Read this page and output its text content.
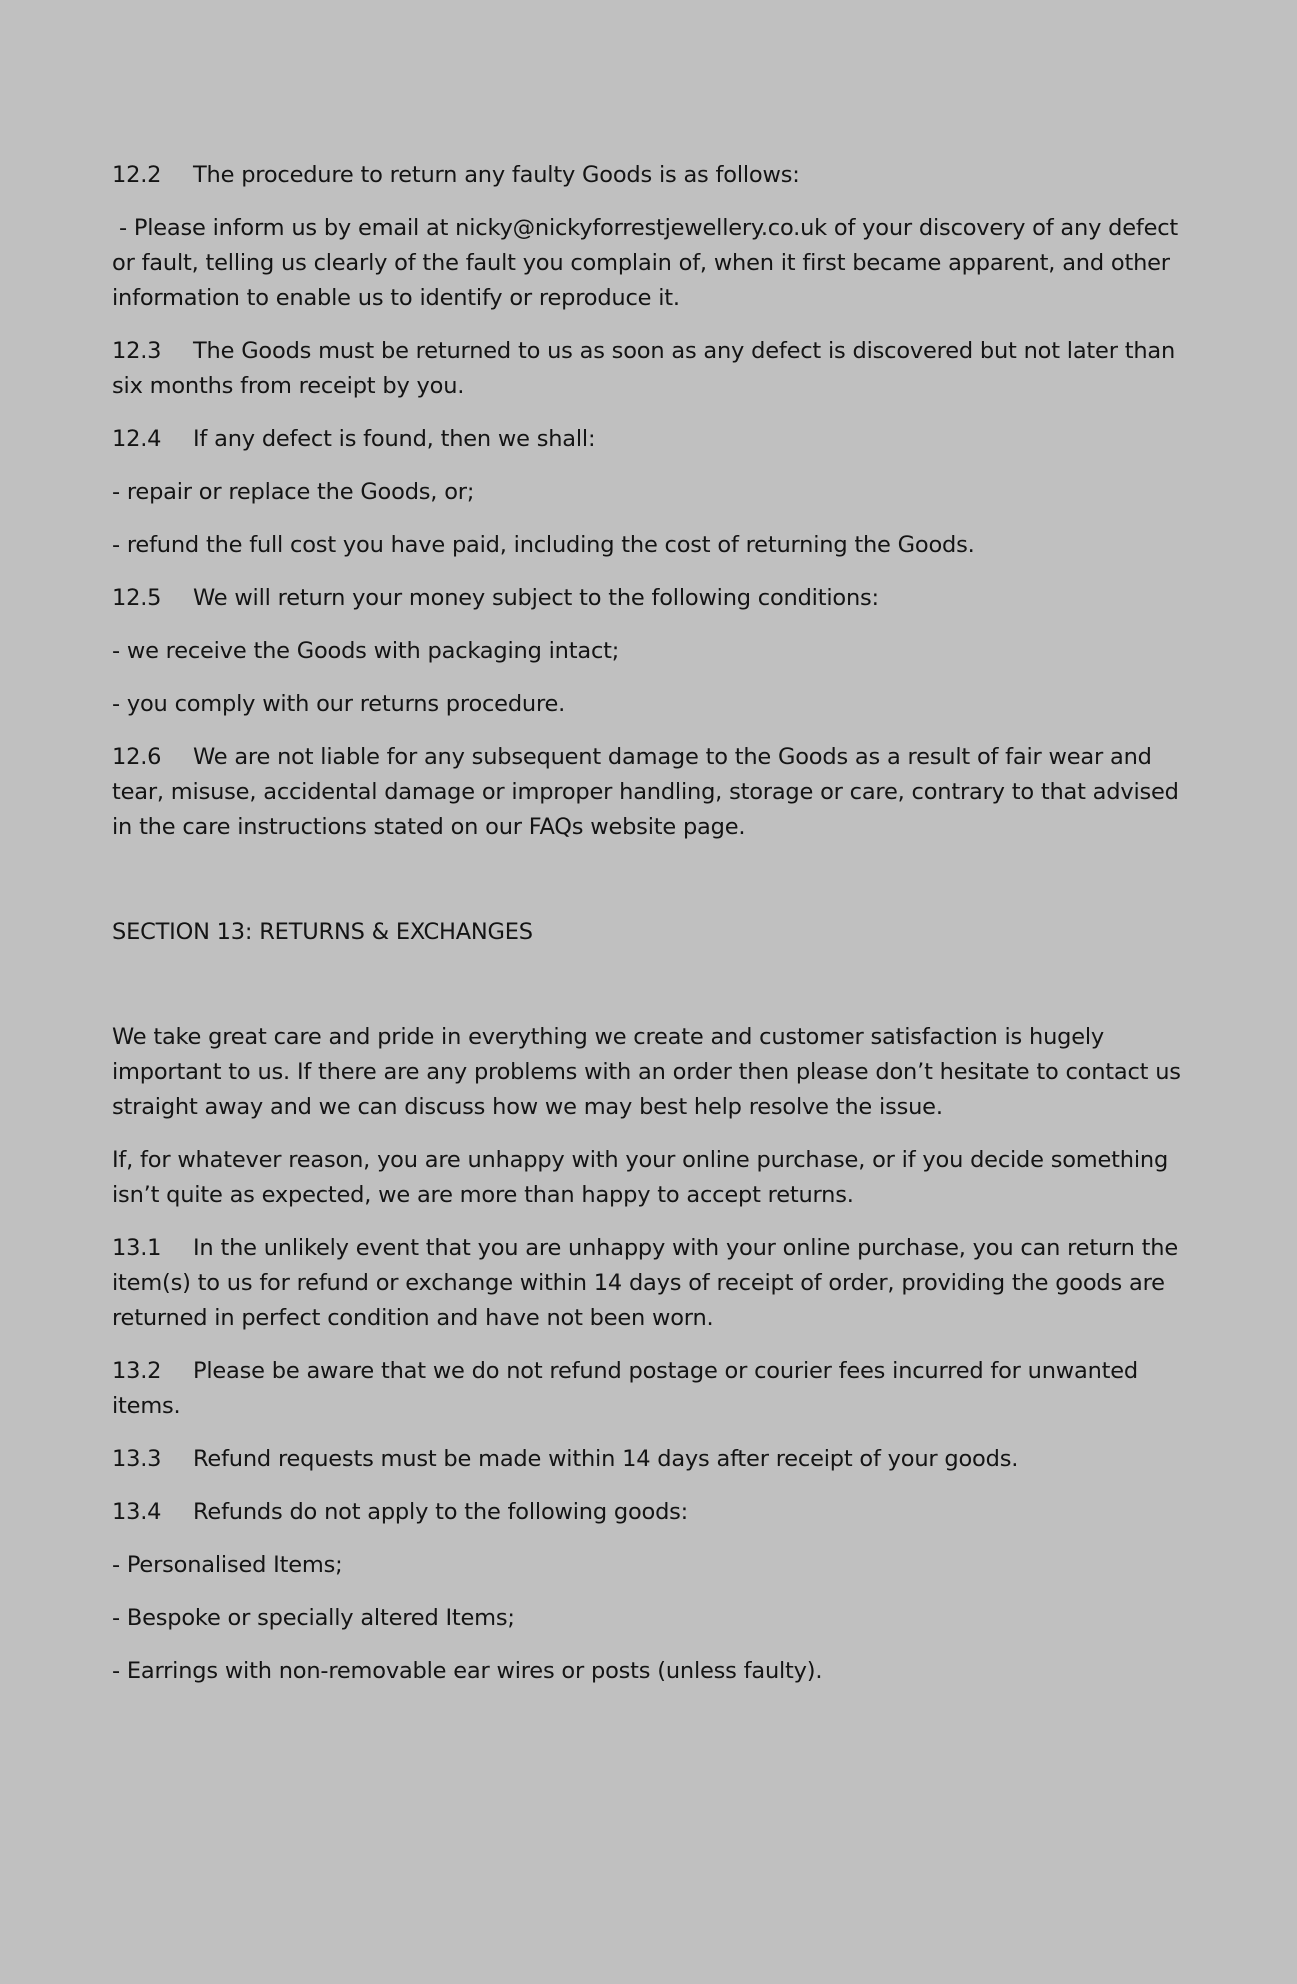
12.2 The procedure to return any faulty Goods is as follows:

- Please inform us by email at nicky@nickyforrestjewellery.co.uk of your discovery of any defect or fault, telling us clearly of the fault you complain of, when it first became apparent, and other information to enable us to identify or reproduce it.

12.3 The Goods must be returned to us as soon as any defect is discovered but not later than six months from receipt by you.

12.4 If any defect is found, then we shall:

- repair or replace the Goods, or;

- refund the full cost you have paid, including the cost of returning the Goods.

12.5 We will return your money subject to the following conditions:

- we receive the Goods with packaging intact;

- you comply with our returns procedure.

12.6 We are not liable for any subsequent damage to the Goods as a result of fair wear and tear, misuse, accidental damage or improper handling, storage or care, contrary to that advised in the care instructions stated on our FAQs website page.

SECTION 13: RETURNS & EXCHANGES

We take great care and pride in everything we create and customer satisfaction is hugely important to us. If there are any problems with an order then please don’t hesitate to contact us straight away and we can discuss how we may best help resolve the issue.

If, for whatever reason, you are unhappy with your online purchase, or if you decide something isn’t quite as expected, we are more than happy to accept returns.

13.1 In the unlikely event that you are unhappy with your online purchase, you can return the item(s) to us for refund or exchange within 14 days of receipt of order, providing the goods are returned in perfect condition and have not been worn.

13.2 Please be aware that we do not refund postage or courier fees incurred for unwanted items.

13.3 Refund requests must be made within 14 days after receipt of your goods.

13.4 Refunds do not apply to the following goods:

- Personalised Items;

- Bespoke or specially altered Items;

- Earrings with non-removable ear wires or posts (unless faulty).
